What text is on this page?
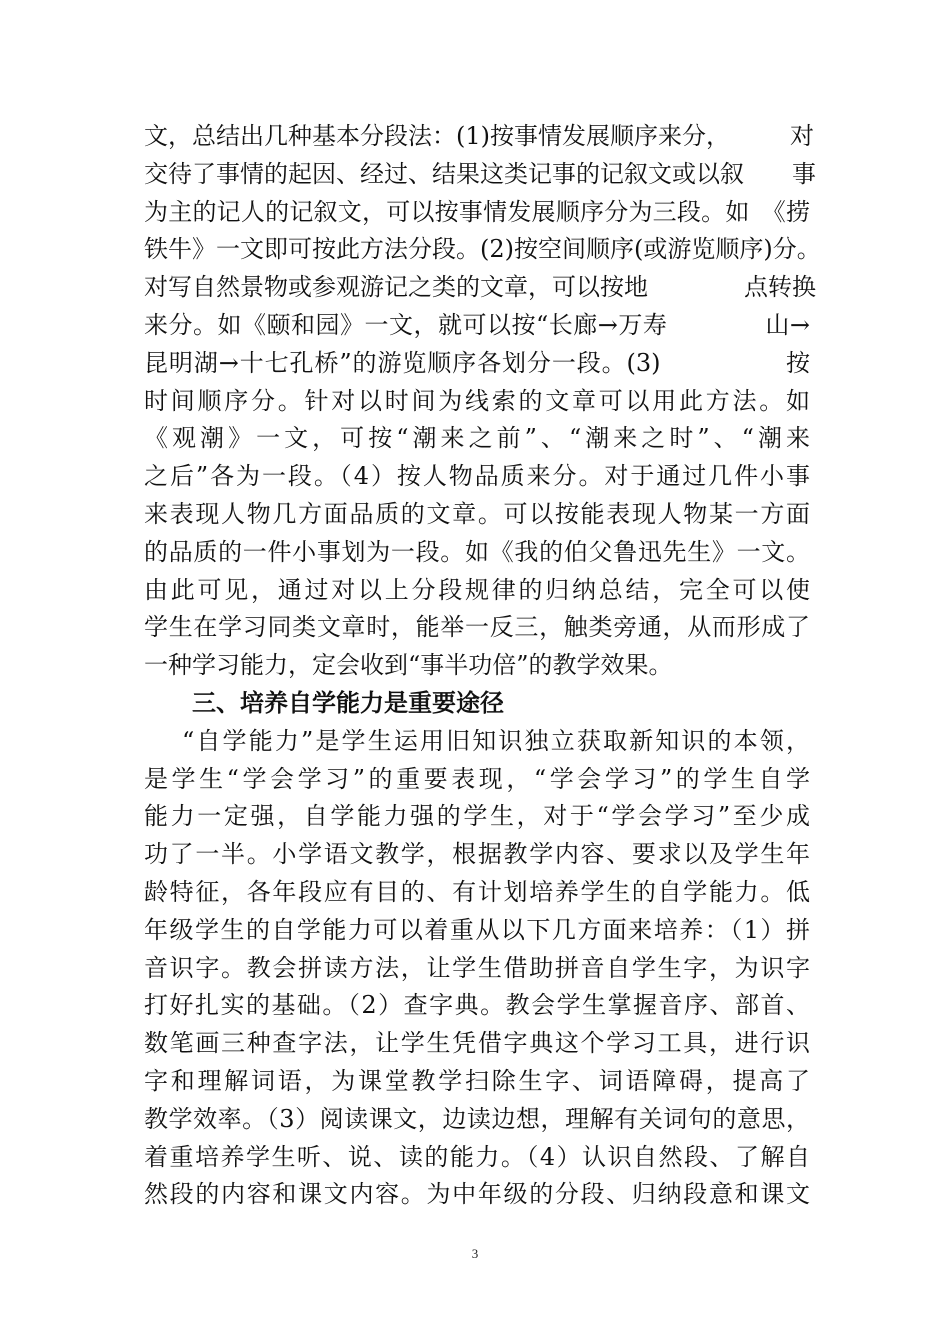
文，总结出几种基本分段法：(1)按事情发展顺序来分，　　　对
交待了事情的起因、经过、结果这类记事的记叙文或以叙　　事
为主的记人的记叙文，可以按事情发展顺序分为三段。如　《捞
铁牛》一文即可按此方法分段。(2)按空间顺序(或游览顺序)分。
对写自然景物或参观游记之类的文章，可以按地　　　　点转换
来分。如《颐和园》一文，就可以按“长廊→万寿　　　　山→
昆明湖→十七孔桥”的游览顺序各划分一段。(3)　　　　　按
时间顺序分。针对以时间为线索的文章可以用此方法。如
《观潮》一文，可按“潮来之前”、“潮来之时”、“潮来
之后”各为一段。（4）按人物品质来分。对于通过几件小事
来表现人物几方面品质的文章。可以按能表现人物某一方面
的品质的一件小事划为一段。如《我的伯父鲁迅先生》一文。
由此可见，通过对以上分段规律的归纳总结，完全可以使
学生在学习同类文章时，能举一反三，触类旁通，从而形成了
一种学习能力，定会收到“事半功倍”的教学效果。
三、培养自学能力是重要途径
“自学能力”是学生运用旧知识独立获取新知识的本领，
是学生“学会学习”的重要表现，“学会学习”的学生自学
能力一定强，自学能力强的学生，对于“学会学习”至少成
功了一半。小学语文教学，根据教学内容、要求以及学生年
龄特征，各年段应有目的、有计划培养学生的自学能力。低
年级学生的自学能力可以着重从以下几方面来培养：（1）拼
音识字。教会拼读方法，让学生借助拼音自学生字，为识字
打好扎实的基础。（2）查字典。教会学生掌握音序、部首、
数笔画三种查字法，让学生凭借字典这个学习工具，进行识
字和理解词语，为课堂教学扫除生字、词语障碍，提高了
教学效率。（3）阅读课文，边读边想，理解有关词句的意思，
着重培养学生听、说、读的能力。（4）认识自然段、了解自
然段的内容和课文内容。为中年级的分段、归纳段意和课文
3
